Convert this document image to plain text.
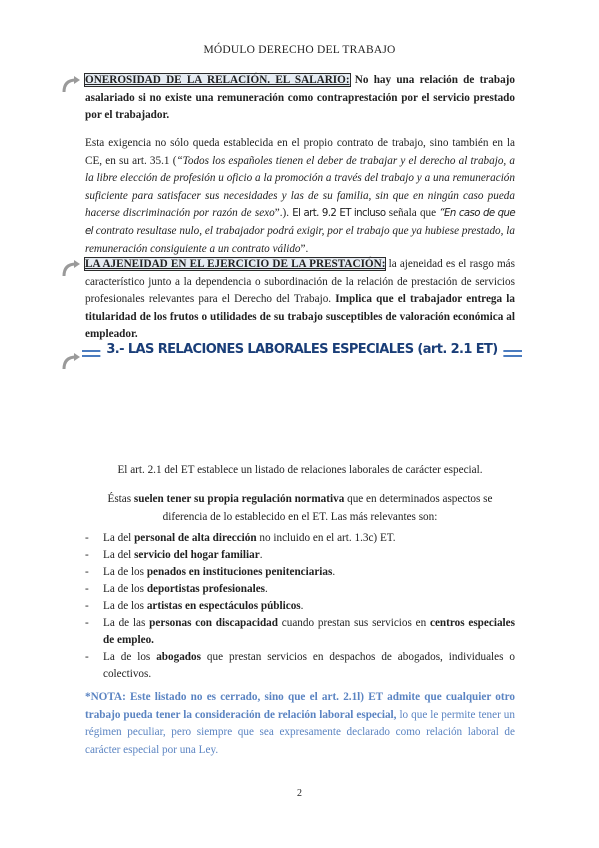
MÓDULO DERECHO DEL TRABAJO
ONEROSIDAD DE LA RELACIÓN. EL SALARIO: No hay una relación de trabajo asalariado si no existe una remuneración como contraprestación por el servicio prestado por el trabajador.
Esta exigencia no sólo queda establecida en el propio contrato de trabajo, sino también en la CE, en su art. 35.1 (“Todos los españoles tienen el deber de trabajar y el derecho al trabajo, a la libre elección de profesión u oficio a la promoción a través del trabajo y a una remuneración suficiente para satisfacer sus necesidades y las de su familia, sin que en ningún caso pueda hacerse discriminación por razón de sexo”.). El art. 9.2 ET incluso señala que “En caso de que el contrato resultase nulo, el trabajador podrá exigir, por el trabajo que ya hubiese prestado, la remuneración consiguiente a un contrato válido”.
LA AJENEIDAD EN EL EJERCICIO DE LA PRESTACIÓN: la ajeneidad es el rasgo más característico junto a la dependencia o subordinación de la relación de prestación de servicios profesionales relevantes para el Derecho del Trabajo. Implica que el trabajador entrega la titularidad de los frutos o utilidades de su trabajo susceptibles de valoración económica al empleador.
3.- LAS RELACIONES LABORALES ESPECIALES (art. 2.1 ET)
El art. 2.1 del ET establece un listado de relaciones laborales de carácter especial.
Éstas suelen tener su propia regulación normativa que en determinados aspectos se diferencia de lo establecido en el ET. Las más relevantes son:
- La del personal de alta dirección no incluido en el art. 1.3c) ET.
- La del servicio del hogar familiar.
- La de los penados en instituciones penitenciarias.
- La de los deportistas profesionales.
- La de los artistas en espectáculos públicos.
- La de las personas con discapacidad cuando prestan sus servicios en centros especiales de empleo.
- La de los abogados que prestan servicios en despachos de abogados, individuales o colectivos.
*NOTA: Este listado no es cerrado, sino que el art. 2.1l) ET admite que cualquier otro trabajo pueda tener la consideración de relación laboral especial, lo que le permite tener un régimen peculiar, pero siempre que sea expresamente declarado como relación laboral de carácter especial por una Ley.
2
